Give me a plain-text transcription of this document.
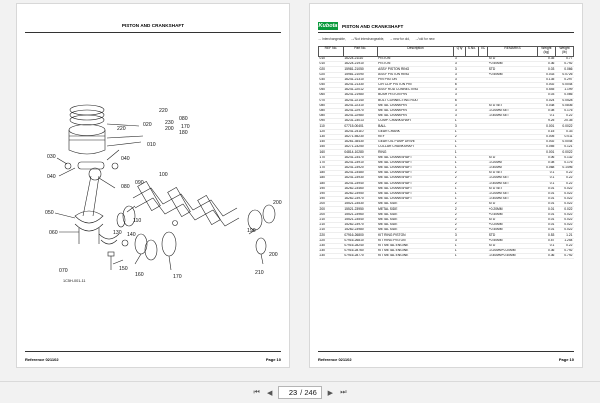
PISTON AND CRANKSHAFT
020
220
010
220
230
200
080
170
180
030
040
040
050
060
070
080
090
100
110
130 140
150
160	170
190
200
210
200
1C5H-001-11
Reference 021102	Page 10
Kubota PISTON AND CRANKSHAFT
↔ Interchangeable, ↮ Not interchangeable, → new for old, ↛ old for new
REF No.	Part No.	Description	Q'ty	S.No.	I/C	REMARKS	Weight (kg)	Weight (lb)
010	16224-21110	PISTON	3			STD	0.35	0.77
010	16224-21910	PISTON	3			+0.50MM	0.36	0.792
020	15981-21050	ASSY PISTON RING	3			STD	0.03	0.066
020	15981-21090	ASSY PISTON RING	3			+0.50MM	0.033	0.0726
030	16241-21310	PIN PISTON	3				0.135	0.297
040	16241-21330	CIR CLIP PISTON PIN	6				0.002	0.0044
050	16241-22012	ASSY ROD CONNECTING	3				0.545	1.199
060	16241-21980	BUSH PISTON PIN	3				0.03	0.066
070	16241-22140	BOLT CONNECTING ROD	6				0.024	0.0528
080	16241-22310	METAL CRANKPIN	3			STD SET	0.038	0.0836
080	16241-22970	METAL CRANKPIN	3			-0.20MM SET	0.08	0.176
080	16241-22980	METAL CRANKPIN	3			-0.40MM SET	0.1	0.22
090	16231-23013	COMP. CRANKSHAFT	1				9.25	20.35
110	07715-00401	BALL	3				0.001	0.0022
120	16241-24110	GEAR CRANK	1				0.15	0.33
130	16271-55230	KEY	2				0.005	0.011
140	16261-35430	GEAR OIL PUMP DRIVE	1				0.002	0.0044
150	16271-23250	COLLAR CRANKSHAFT	1				0.055	0.121
160	04814-10280	RING	1				0.001	0.0022
170	16241-23470	METAL CRANKSHAFT	1			STD	0.06	0.132
170	16241-23910	METAL CRANKSHAFT	1			-0.20MM	0.08	0.176
170	16241-23920	METAL CRANKSHAFT	1			-0.40MM	0.068	0.1496
180	16241-23480	METAL CRANKSHAFT	2			STD SET	0.1	0.22
180	16241-23930	METAL CRANKSHAFT	2			-0.20MM SET	0.1	0.22
180	16241-23940	METAL CRANKSHAFT	2			-0.40MM SET	0.1	0.22
190	16262-23460	METAL CRANKSHAFT	1			STD SET	0.01	0.022
190	16262-23950	METAL CRANKSHAFT	1			-0.20MM SET	0.01	0.022
190	16262-23970	METAL CRANKSHAFT	1			-0.40MM SET	0.01	0.022
200	15521-23530	METAL SIDE	2			STD	0.01	0.022
200	15521-23950	METAL SIDE	2			+0.20MM	0.01	0.022
200	15521-23960	METAL SIDE	2			+0.40MM	0.01	0.022
210	15521-23540	METAL SIDE	2			STD	0.01	0.022
210	15262-23970	METAL SIDE	2			+0.20MM	0.01	0.022
210	15262-23980	METAL SIDE	2			+0.40MM	0.01	0.022
220	07916-26800	KIT RING PISTON	3			STD	0.53	1.21
220	07916-26810	KIT RING PISTON	3			+0.50MM	0.57	1.254
230	07916-28240	KIT METAL ENGINE	1			STD	0.1	0.22
230	07916-28760	KIT METAL ENGINE	1			-0.20MM+0.20MM	0.36	0.792
230	07916-28770	KIT METAL ENGINE	1			-0.40MM+0.40MM	0.36	0.792
Reference 021102	Page 10
⏮ ◀
23	/ 246 ▶ ⏭
